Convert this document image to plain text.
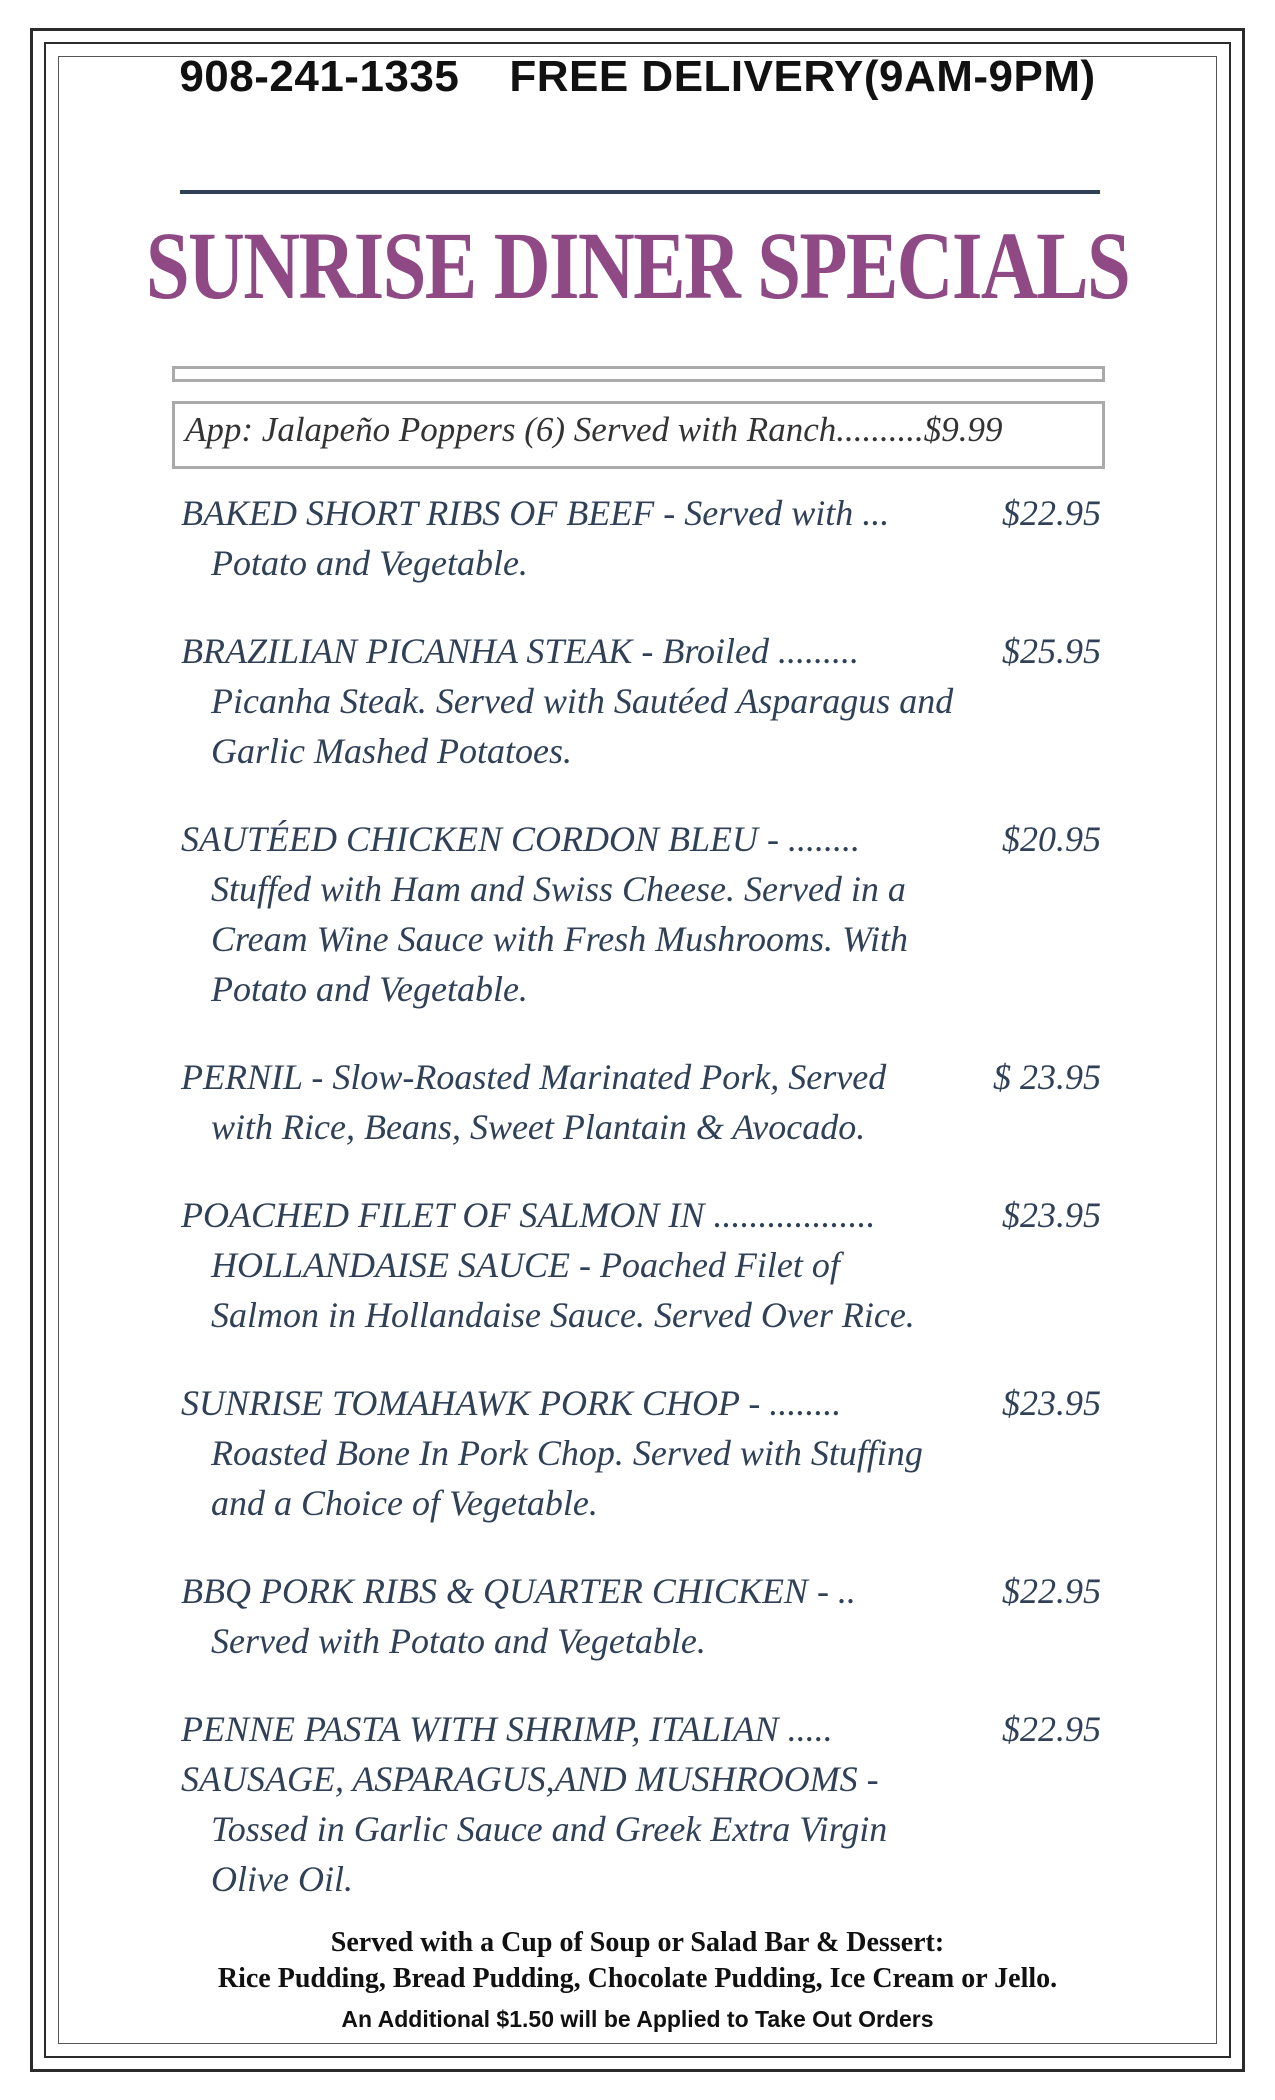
908-241-1335 FREE DELIVERY(9AM-9PM)
SUNRISE DINER SPECIALS
App: Jalapeño Poppers (6) Served with Ranch..........$9.99
BAKED SHORT RIBS OF BEEF - Served with ...	$22.95
Potato and Vegetable.
BRAZILIAN PICANHA STEAK - Broiled .........	$25.95
Picanha Steak. Served with Sautéed Asparagus and
Garlic Mashed Potatoes.
SAUTÉED CHICKEN CORDON BLEU - ........	$20.95
Stuffed with Ham and Swiss Cheese. Served in a
Cream Wine Sauce with Fresh Mushrooms. With
Potato and Vegetable.
PERNIL - Slow-Roasted Marinated Pork, Served	$ 23.95
with Rice, Beans, Sweet Plantain & Avocado.
POACHED FILET OF SALMON IN ..................	$23.95
HOLLANDAISE SAUCE - Poached Filet of
Salmon in Hollandaise Sauce. Served Over Rice.
SUNRISE TOMAHAWK PORK CHOP - ........	$23.95
Roasted Bone In Pork Chop. Served with Stuffing
and a Choice of Vegetable.
BBQ PORK RIBS & QUARTER CHICKEN - ..	$22.95
Served with Potato and Vegetable.
PENNE PASTA WITH SHRIMP, ITALIAN .....	$22.95
SAUSAGE, ASPARAGUS,AND MUSHROOMS -
Tossed in Garlic Sauce and Greek Extra Virgin
Olive Oil.
Served with a Cup of Soup or Salad Bar & Dessert:
Rice Pudding, Bread Pudding, Chocolate Pudding, Ice Cream or Jello.
An Additional $1.50 will be Applied to Take Out Orders
